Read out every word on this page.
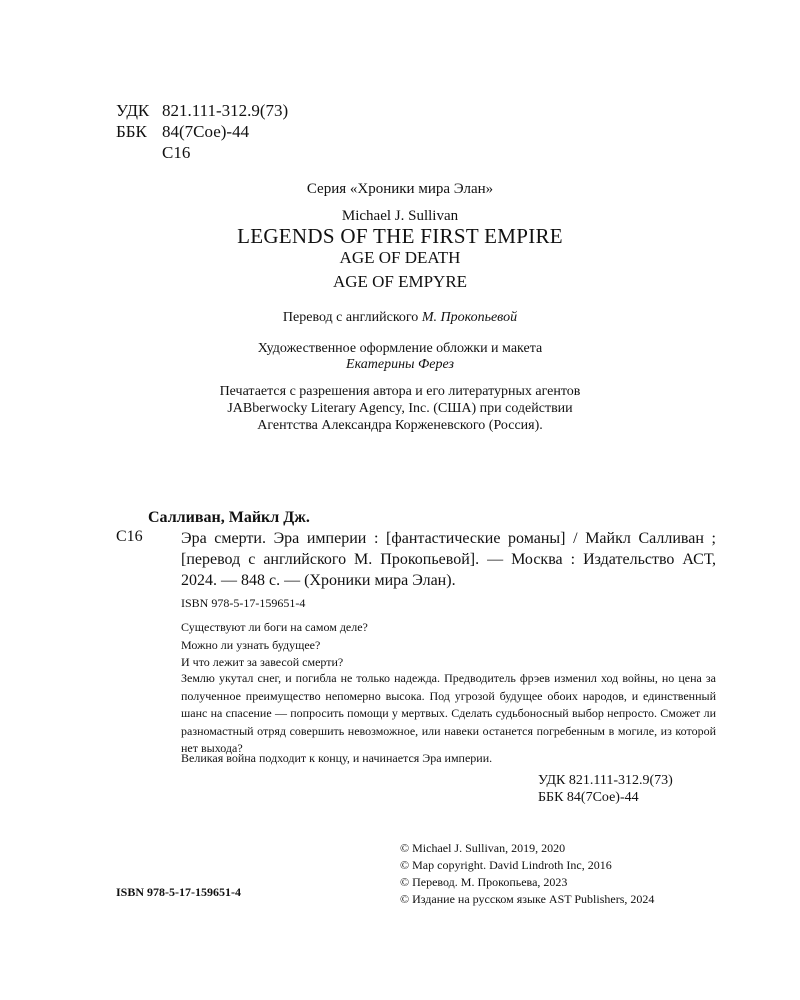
УДК 821.111-312.9(73)
ББК 84(7Сое)-44
С16
Серия «Хроники мира Элан»
Michael J. Sullivan
LEGENDS OF THE FIRST EMPIRE
AGE OF DEATH
AGE OF EMPYRE
Перевод с английского М. Прокопьевой
Художественное оформление обложки и макета
Екатерины Ферез
Печатается с разрешения автора и его литературных агентов
JABberwocky Literary Agency, Inc. (США) при содействии
Агентства Александра Корженевского (Россия).
Салливан, Майкл Дж.
С16 Эра смерти. Эра империи : [фантастические романы] / Майкл Салливан ; [перевод с английского М. Прокопьевой]. — Москва : Издательство АСТ, 2024. — 848 с. — (Хроники мира Элан).
ISBN 978-5-17-159651-4
Существуют ли боги на самом деле?
Можно ли узнать будущее?
И что лежит за завесой смерти?
Землю укутал снег, и погибла не только надежда. Предводитель фрэев изменил ход войны, но цена за полученное преимущество непомерно высока. Под угрозой будущее обоих народов, и единственный шанс на спасение — попросить помощи у мертвых. Сделать судьбоносный выбор непросто. Сможет ли разномастный отряд совершить невозможное, или навеки останется погребенным в могиле, из которой нет выхода?
Великая война подходит к концу, и начинается Эра империи.
УДК 821.111-312.9(73)
ББК 84(7Сое)-44
© Michael J. Sullivan, 2019, 2020
© Map copyright. David Lindroth Inc, 2016
© Перевод. М. Прокопьева, 2023
© Издание на русском языке AST Publishers, 2024
ISBN 978-5-17-159651-4
